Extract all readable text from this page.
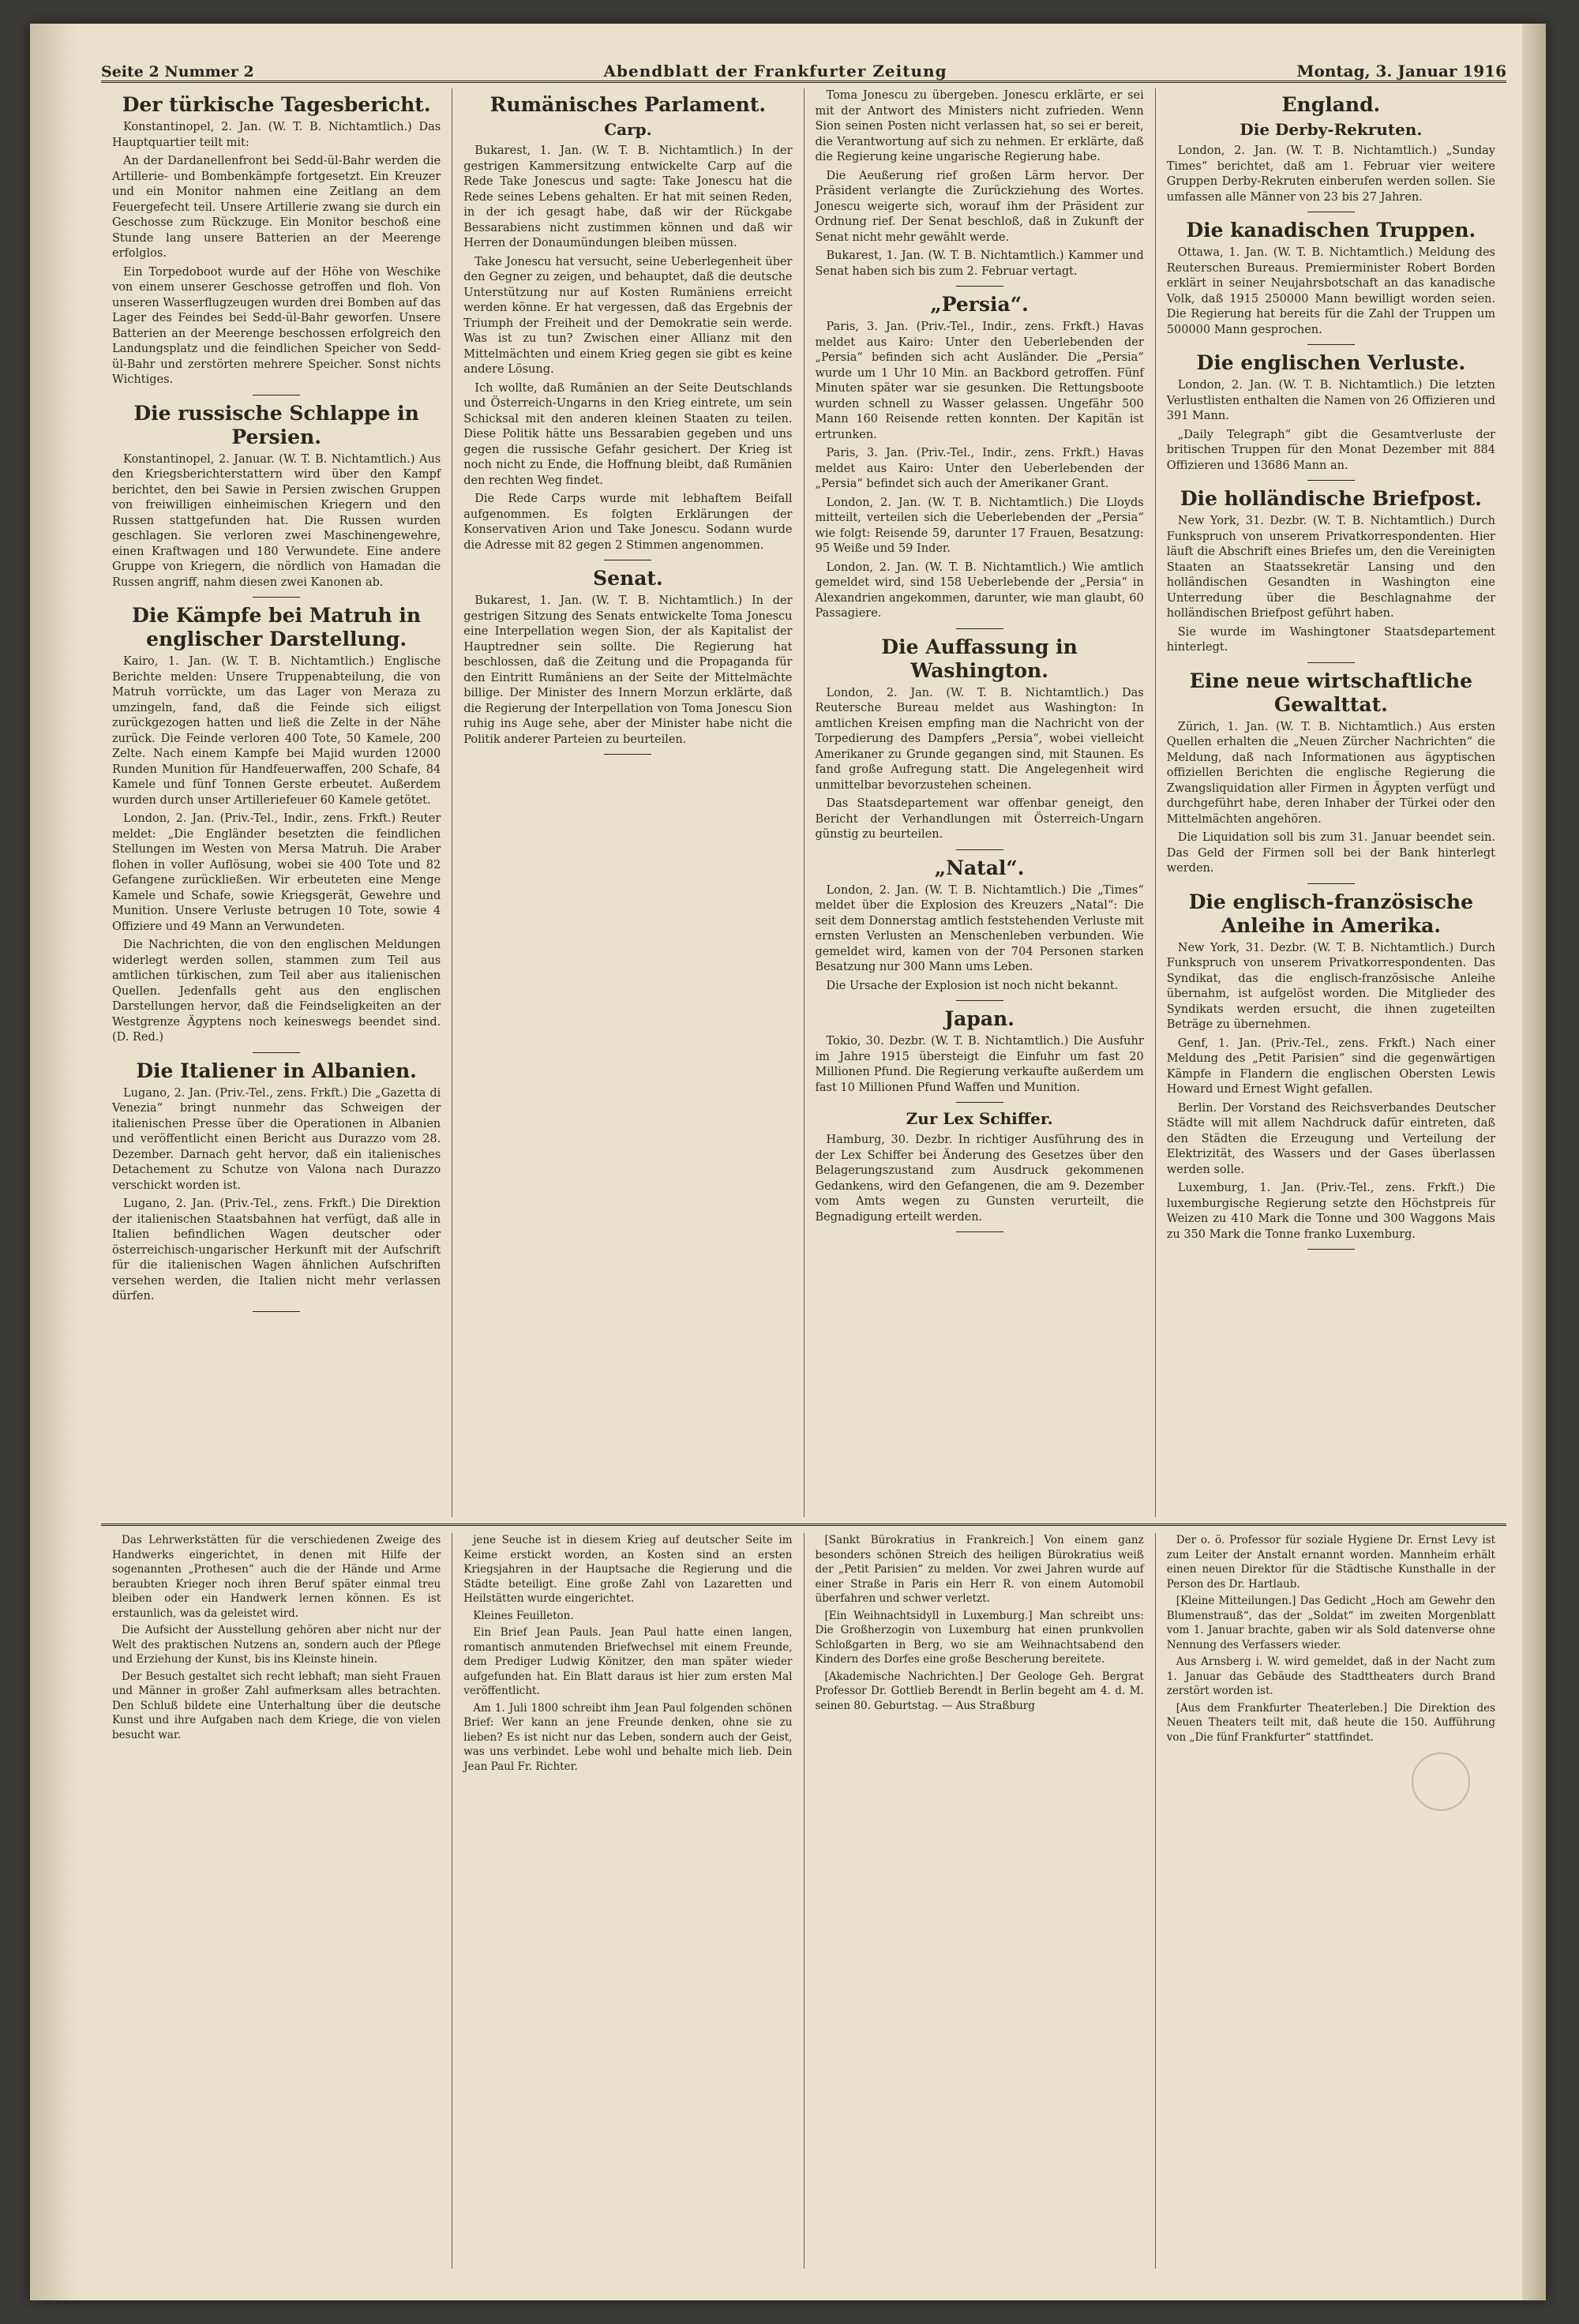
Seite 2 Nummer 2	Abendblatt der Frankfurter Zeitung	Montag, 3. Januar 1916
Der türkische Tagesbericht.

Konstantinopel, 2. Jan. (W. T. B. Nichtamtlich.) Das Hauptquartier teilt mit:

An der Dardanellenfront bei Sedd-ül-Bahr werden die Artillerie- und Bombenkämpfe fortgesetzt. Ein Kreuzer und ein Monitor nahmen eine Zeitlang an dem Feuergefecht teil. Unsere Artillerie zwang sie durch ein Geschosse zum Rückzuge. Ein Monitor beschoß eine Stunde lang unsere Batterien an der Meerenge erfolglos.

Ein Torpedoboot wurde auf der Höhe von Weschike von einem unserer Geschosse getroffen und floh. Von unseren Wasserflugzeugen wurden drei Bomben auf das Lager des Feindes bei Sedd-ül-Bahr geworfen. Unsere Batterien an der Meerenge beschossen erfolgreich den Landungsplatz und die feindlichen Speicher von Sedd-ül-Bahr und zerstörten mehrere Speicher. Sonst nichts Wichtiges.

Die russische Schlappe in Persien.

Konstantinopel, 2. Januar. (W. T. B. Nichtamtlich.) Aus den Kriegsberichterstattern wird über den Kampf berichtet, den bei Sawie in Persien zwischen Gruppen von freiwilligen einheimischen Kriegern und den Russen stattgefunden hat. Die Russen wurden geschlagen. Sie verloren zwei Maschinengewehre, einen Kraftwagen und 180 Verwundete. Eine andere Gruppe von Kriegern, die nördlich von Hamadan die Russen angriff, nahm diesen zwei Kanonen ab.

Die Kämpfe bei Matruh in englischer Darstellung.

Kairo, 1. Jan. (W. T. B. Nichtamtlich.) Englische Berichte melden: Unsere Truppenabteilung, die von Matruh vorrückte, um das Lager von Meraza zu umzingeln, fand, daß die Feinde sich eiligst zurückgezogen hatten und ließ die Zelte in der Nähe zurück. Die Feinde verloren 400 Tote, 50 Kamele, 200 Zelte. Nach einem Kampfe bei Majid wurden 12000 Runden Munition für Handfeuerwaffen, 200 Schafe, 84 Kamele und fünf Tonnen Gerste erbeutet. Außerdem wurden durch unser Artilleriefeuer 60 Kamele getötet.

London, 2. Jan. (Priv.-Tel., Indir., zens. Frkft.) Reuter meldet: „Die Engländer besetzten die feindlichen Stellungen im Westen von Mersa Matruh. Die Araber flohen in voller Auflösung, wobei sie 400 Tote und 82 Gefangene zurückließen. Wir erbeuteten eine Menge Kamele und Schafe, sowie Kriegsgerät, Gewehre und Munition. Unsere Verluste betrugen 10 Tote, sowie 4 Offiziere und 49 Mann an Verwundeten.

Die Nachrichten, die von den englischen Meldungen widerlegt werden sollen, stammen zum Teil aus amtlichen türkischen, zum Teil aber aus italienischen Quellen. Jedenfalls geht aus den englischen Darstellungen hervor, daß die Feindseligkeiten an der Westgrenze Ägyptens noch keineswegs beendet sind. (D. Red.)

Die Italiener in Albanien.

Lugano, 2. Jan. (Priv.-Tel., zens. Frkft.) Die „Gazetta di Venezia“ bringt nunmehr das Schweigen der italienischen Presse über die Operationen in Albanien und veröffentlicht einen Bericht aus Durazzo vom 28. Dezember. Darnach geht hervor, daß ein italienisches Detachement zu Schutze von Valona nach Durazzo verschickt worden ist.

Lugano, 2. Jan. (Priv.-Tel., zens. Frkft.) Die Direktion der italienischen Staatsbahnen hat verfügt, daß alle in Italien befindlichen Wagen deutscher oder österreichisch-ungarischer Herkunft mit der Aufschrift für die italienischen Wagen ähnlichen Aufschriften versehen werden, die Italien nicht mehr verlassen dürfen.

Rumänisches Parlament.
Carp.

Bukarest, 1. Jan. (W. T. B. Nichtamtlich.) In der gestrigen Kammersitzung entwickelte Carp auf die Rede Take Jonescus und sagte: Take Jonescu hat die Rede seines Lebens gehalten. Er hat mit seinen Reden, in der ich gesagt habe, daß wir der Rückgabe Bessarabiens nicht zustimmen können und daß wir Herren der Donaumündungen bleiben müssen.

Take Jonescu hat versucht, seine Ueberlegenheit über den Gegner zu zeigen, und behauptet, daß die deutsche Unterstützung nur auf Kosten Rumäniens erreicht werden könne. Er hat vergessen, daß das Ergebnis der Triumph der Freiheit und der Demokratie sein werde. Was ist zu tun? Zwischen einer Allianz mit den Mittelmächten und einem Krieg gegen sie gibt es keine andere Lösung.

Ich wollte, daß Rumänien an der Seite Deutschlands und Österreich-Ungarns in den Krieg eintrete, um sein Schicksal mit den anderen kleinen Staaten zu teilen. Diese Politik hätte uns Bessarabien gegeben und uns gegen die russische Gefahr gesichert. Der Krieg ist noch nicht zu Ende, die Hoffnung bleibt, daß Rumänien den rechten Weg findet.

Die Rede Carps wurde mit lebhaftem Beifall aufgenommen. Es folgten Erklärungen der Konservativen Arion und Take Jonescu. Sodann wurde die Adresse mit 82 gegen 2 Stimmen angenommen.

Senat.

Bukarest, 1. Jan. (W. T. B. Nichtamtlich.) In der gestrigen Sitzung des Senats entwickelte Toma Jonescu eine Interpellation wegen Sion, der als Kapitalist der Hauptredner sein sollte. Die Regierung hat beschlossen, daß die Zeitung und die Propaganda für den Eintritt Rumäniens an der Seite der Mittelmächte billige. Der Minister des Innern Morzun erklärte, daß die Regierung der Interpellation von Toma Jonescu Sion ruhig ins Auge sehe, aber der Minister habe nicht die Politik anderer Parteien zu beurteilen.

Toma Jonescu zu übergeben. Jonescu erklärte, er sei mit der Antwort des Ministers nicht zufrieden. Wenn Sion seinen Posten nicht verlassen hat, so sei er bereit, die Verantwortung auf sich zu nehmen. Er erklärte, daß die Regierung keine ungarische Regierung habe.

Die Aeußerung rief großen Lärm hervor. Der Präsident verlangte die Zurückziehung des Wortes. Jonescu weigerte sich, worauf ihm der Präsident zur Ordnung rief. Der Senat beschloß, daß in Zukunft der Senat nicht mehr gewählt werde.

Bukarest, 1. Jan. (W. T. B. Nichtamtlich.) Kammer und Senat haben sich bis zum 2. Februar vertagt.

„Persia“.

Paris, 3. Jan. (Priv.-Tel., Indir., zens. Frkft.) Havas meldet aus Kairo: Unter den Ueberlebenden der „Persia“ befinden sich acht Ausländer. Die „Persia“ wurde um 1 Uhr 10 Min. an Backbord getroffen. Fünf Minuten später war sie gesunken. Die Rettungsboote wurden schnell zu Wasser gelassen. Ungefähr 500 Mann 160 Reisende retten konnten. Der Kapitän ist ertrunken.

Paris, 3. Jan. (Priv.-Tel., Indir., zens. Frkft.) Havas meldet aus Kairo: Unter den Ueberlebenden der „Persia“ befindet sich auch der Amerikaner Grant.

London, 2. Jan. (W. T. B. Nichtamtlich.) Die Lloyds mitteilt, verteilen sich die Ueberlebenden der „Persia“ wie folgt: Reisende 59, darunter 17 Frauen, Besatzung: 95 Weiße und 59 Inder.

London, 2. Jan. (W. T. B. Nichtamtlich.) Wie amtlich gemeldet wird, sind 158 Ueberlebende der „Persia“ in Alexandrien angekommen, darunter, wie man glaubt, 60 Passagiere.

Die Auffassung in Washington.

London, 2. Jan. (W. T. B. Nichtamtlich.) Das Reutersche Bureau meldet aus Washington: In amtlichen Kreisen empfing man die Nachricht von der Torpedierung des Dampfers „Persia“, wobei vielleicht Amerikaner zu Grunde gegangen sind, mit Staunen. Es fand große Aufregung statt. Die Angelegenheit wird unmittelbar bevorzustehen scheinen.

Das Staatsdepartement war offenbar geneigt, den Bericht der Verhandlungen mit Österreich-Ungarn günstig zu beurteilen.

„Natal“.

London, 2. Jan. (W. T. B. Nichtamtlich.) Die „Times“ meldet über die Explosion des Kreuzers „Natal“: Die seit dem Donnerstag amtlich feststehenden Verluste mit ernsten Verlusten an Menschenleben verbunden. Wie gemeldet wird, kamen von der 704 Personen starken Besatzung nur 300 Mann ums Leben.

Die Ursache der Explosion ist noch nicht bekannt.

Japan.

Tokio, 30. Dezbr. (W. T. B. Nichtamtlich.) Die Ausfuhr im Jahre 1915 übersteigt die Einfuhr um fast 20 Millionen Pfund. Die Regierung verkaufte außerdem um fast 10 Millionen Pfund Waffen und Munition.

Zur Lex Schiffer.

Hamburg, 30. Dezbr. In richtiger Ausführung des in der Lex Schiffer bei Änderung des Gesetzes über den Belagerungszustand zum Ausdruck gekommenen Gedankens, wird den Gefangenen, die am 9. Dezember vom Amts wegen zu Gunsten verurteilt, die Begnadigung erteilt werden.

England.
Die Derby-Rekruten.

London, 2. Jan. (W. T. B. Nichtamtlich.) „Sunday Times“ berichtet, daß am 1. Februar vier weitere Gruppen Derby-Rekruten einberufen werden sollen. Sie umfassen alle Männer von 23 bis 27 Jahren.

Die kanadischen Truppen.

Ottawa, 1. Jan. (W. T. B. Nichtamtlich.) Meldung des Reuterschen Bureaus. Premierminister Robert Borden erklärt in seiner Neujahrsbotschaft an das kanadische Volk, daß 1915 250000 Mann bewilligt worden seien. Die Regierung hat bereits für die Zahl der Truppen um 500000 Mann gesprochen.

Die englischen Verluste.

London, 2. Jan. (W. T. B. Nichtamtlich.) Die letzten Verlustlisten enthalten die Namen von 26 Offizieren und 391 Mann.

„Daily Telegraph“ gibt die Gesamtverluste der britischen Truppen für den Monat Dezember mit 884 Offizieren und 13686 Mann an.

Die holländische Briefpost.

New York, 31. Dezbr. (W. T. B. Nichtamtlich.) Durch Funkspruch von unserem Privatkorrespondenten. Hier läuft die Abschrift eines Briefes um, den die Vereinigten Staaten an Staatssekretär Lansing und den holländischen Gesandten in Washington eine Unterredung über die Beschlagnahme der holländischen Briefpost geführt haben.

Sie wurde im Washingtoner Staatsdepartement hinterlegt.

Eine neue wirtschaftliche Gewalttat.

Zürich, 1. Jan. (W. T. B. Nichtamtlich.) Aus ersten Quellen erhalten die „Neuen Zürcher Nachrichten“ die Meldung, daß nach Informationen aus ägyptischen offiziellen Berichten die englische Regierung die Zwangsliquidation aller Firmen in Ägypten verfügt und durchgeführt habe, deren Inhaber der Türkei oder den Mittelmächten angehören.

Die Liquidation soll bis zum 31. Januar beendet sein. Das Geld der Firmen soll bei der Bank hinterlegt werden.

Die englisch-französische Anleihe in Amerika.

New York, 31. Dezbr. (W. T. B. Nichtamtlich.) Durch Funkspruch von unserem Privatkorrespondenten. Das Syndikat, das die englisch-französische Anleihe übernahm, ist aufgelöst worden. Die Mitglieder des Syndikats werden ersucht, die ihnen zugeteilten Beträge zu übernehmen.

Genf, 1. Jan. (Priv.-Tel., zens. Frkft.) Nach einer Meldung des „Petit Parisien“ sind die gegenwärtigen Kämpfe in Flandern die englischen Obersten Lewis Howard und Ernest Wight gefallen.

Berlin. Der Vorstand des Reichsverbandes Deutscher Städte will mit allem Nachdruck dafür eintreten, daß den Städten die Erzeugung und Verteilung der Elektrizität, des Wassers und der Gases überlassen werden solle.

Luxemburg, 1. Jan. (Priv.-Tel., zens. Frkft.) Die luxemburgische Regierung setzte den Höchstpreis für Weizen zu 410 Mark die Tonne und 300 Waggons Mais zu 350 Mark die Tonne franko Luxemburg.

Das Lehrwerkstätten für die verschiedenen Zweige des Handwerks eingerichtet, in denen mit Hilfe der sogenannten „Prothesen“ auch die der Hände und Arme beraubten Krieger noch ihren Beruf später einmal treu bleiben oder ein Handwerk lernen können. Es ist erstaunlich, was da geleistet wird.

Die Aufsicht der Ausstellung gehören aber nicht nur der Welt des praktischen Nutzens an, sondern auch der Pflege und Erziehung der Kunst, bis ins Kleinste hinein.

Der Besuch gestaltet sich recht lebhaft; man sieht Frauen und Männer in großer Zahl aufmerksam alles betrachten. Den Schluß bildete eine Unterhaltung über die deutsche Kunst und ihre Aufgaben nach dem Kriege, die von vielen besucht war.

jene Seuche ist in diesem Krieg auf deutscher Seite im Keime erstickt worden, an Kosten sind an ersten Kriegsjahren in der Hauptsache die Regierung und die Städte beteiligt. Eine große Zahl von Lazaretten und Heilstätten wurde eingerichtet.

Kleines Feuilleton.

Ein Brief Jean Pauls. Jean Paul hatte einen langen, romantisch anmutenden Briefwechsel mit einem Freunde, dem Prediger Ludwig Könitzer, den man später wieder aufgefunden hat. Ein Blatt daraus ist hier zum ersten Mal veröffentlicht.

Am 1. Juli 1800 schreibt ihm Jean Paul folgenden schönen Brief: Wer kann an jene Freunde denken, ohne sie zu lieben? Es ist nicht nur das Leben, sondern auch der Geist, was uns verbindet. Lebe wohl und behalte mich lieb. Dein Jean Paul Fr. Richter.

[Sankt Bürokratius in Frankreich.] Von einem ganz besonders schönen Streich des heiligen Bürokratius weiß der „Petit Parisien“ zu melden. Vor zwei Jahren wurde auf einer Straße in Paris ein Herr R. von einem Automobil überfahren und schwer verletzt.

[Ein Weihnachtsidyll in Luxemburg.] Man schreibt uns: Die Großherzogin von Luxemburg hat einen prunkvollen Schloßgarten in Berg, wo sie am Weihnachtsabend den Kindern des Dorfes eine große Bescherung bereitete.

[Akademische Nachrichten.] Der Geologe Geh. Bergrat Professor Dr. Gottlieb Berendt in Berlin begeht am 4. d. M. seinen 80. Geburtstag. — Aus Straßburg

Der o. ö. Professor für soziale Hygiene Dr. Ernst Levy ist zum Leiter der Anstalt ernannt worden. Mannheim erhält einen neuen Direktor für die Städtische Kunsthalle in der Person des Dr. Hartlaub.

[Kleine Mitteilungen.] Das Gedicht „Hoch am Gewehr den Blumenstrauß“, das der „Soldat“ im zweiten Morgenblatt vom 1. Januar brachte, gaben wir als Sold datenverse ohne Nennung des Verfassers wieder.

Aus Arnsberg i. W. wird gemeldet, daß in der Nacht zum 1. Januar das Gebäude des Stadttheaters durch Brand zerstört worden ist.

[Aus dem Frankfurter Theaterleben.] Die Direktion des Neuen Theaters teilt mit, daß heute die 150. Aufführung von „Die fünf Frankfurter“ stattfindet.
